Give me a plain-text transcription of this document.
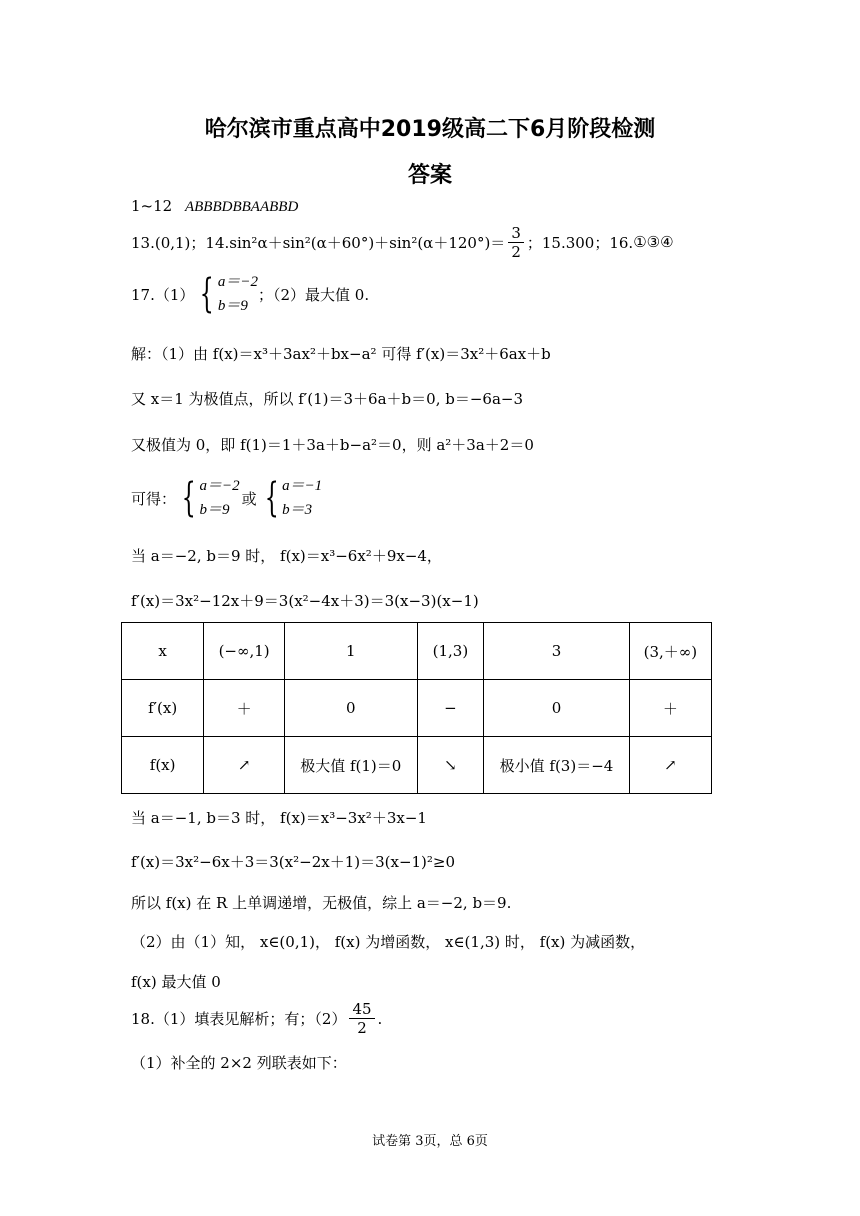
哈尔滨市重点高中2019级高二下6月阶段检测
答案
1~12 ABBBDBBAABBD
13.(0,1)； $14.\sin^2\alpha+\sin^2(\alpha+60^\circ)+\sin^2(\alpha+120^\circ)= \frac{3}{2}$ ；15.300；16. ①③④
17.（1） { a＝−2
b＝9
；（2）最大值 0.
解：（1）由 f(x)＝x³＋3ax²＋bx−a² 可得 f′(x)＝3x²＋6ax＋b
又 x＝1 为极值点，所以 f′(1)＝3＋6a＋b＝0, b＝−6a−3
又极值为 0，即 f(1)＝1＋3a＋b−a²＝0，则 a²＋3a＋2＝0
可得： { a＝−2
b＝9
或 { a＝−1
b＝3
当 a＝−2, b＝9 时， f(x)＝x³−6x²＋9x−4，
f′(x)＝3x²−12x＋9＝3(x²−4x＋3)＝3(x−3)(x−1)
x	(−∞,1)	1	(1,3)	3	(3,＋∞)
f′(x)	＋	0	−	0	＋
f(x)	↗	极大值 f(1)＝0	↘	极小值 f(3)＝−4	↗
当 a＝−1, b＝3 时， f(x)＝x³−3x²＋3x−1
f′(x)＝3x²−6x＋3＝3(x²−2x＋1)＝3(x−1)²≥0
所以 f(x) 在 R 上单调递增，无极值，综上 a＝−2, b＝9.
（2）由（1）知， x∈(0,1)， f(x) 为增函数， x∈(1,3) 时， f(x) 为减函数，
f(x) 最大值 0
18.（1）填表见解析；有；$(2) \frac{45}{2}$ .
（1）补全的 2×2 列联表如下：
试卷第 3页，总 6页
